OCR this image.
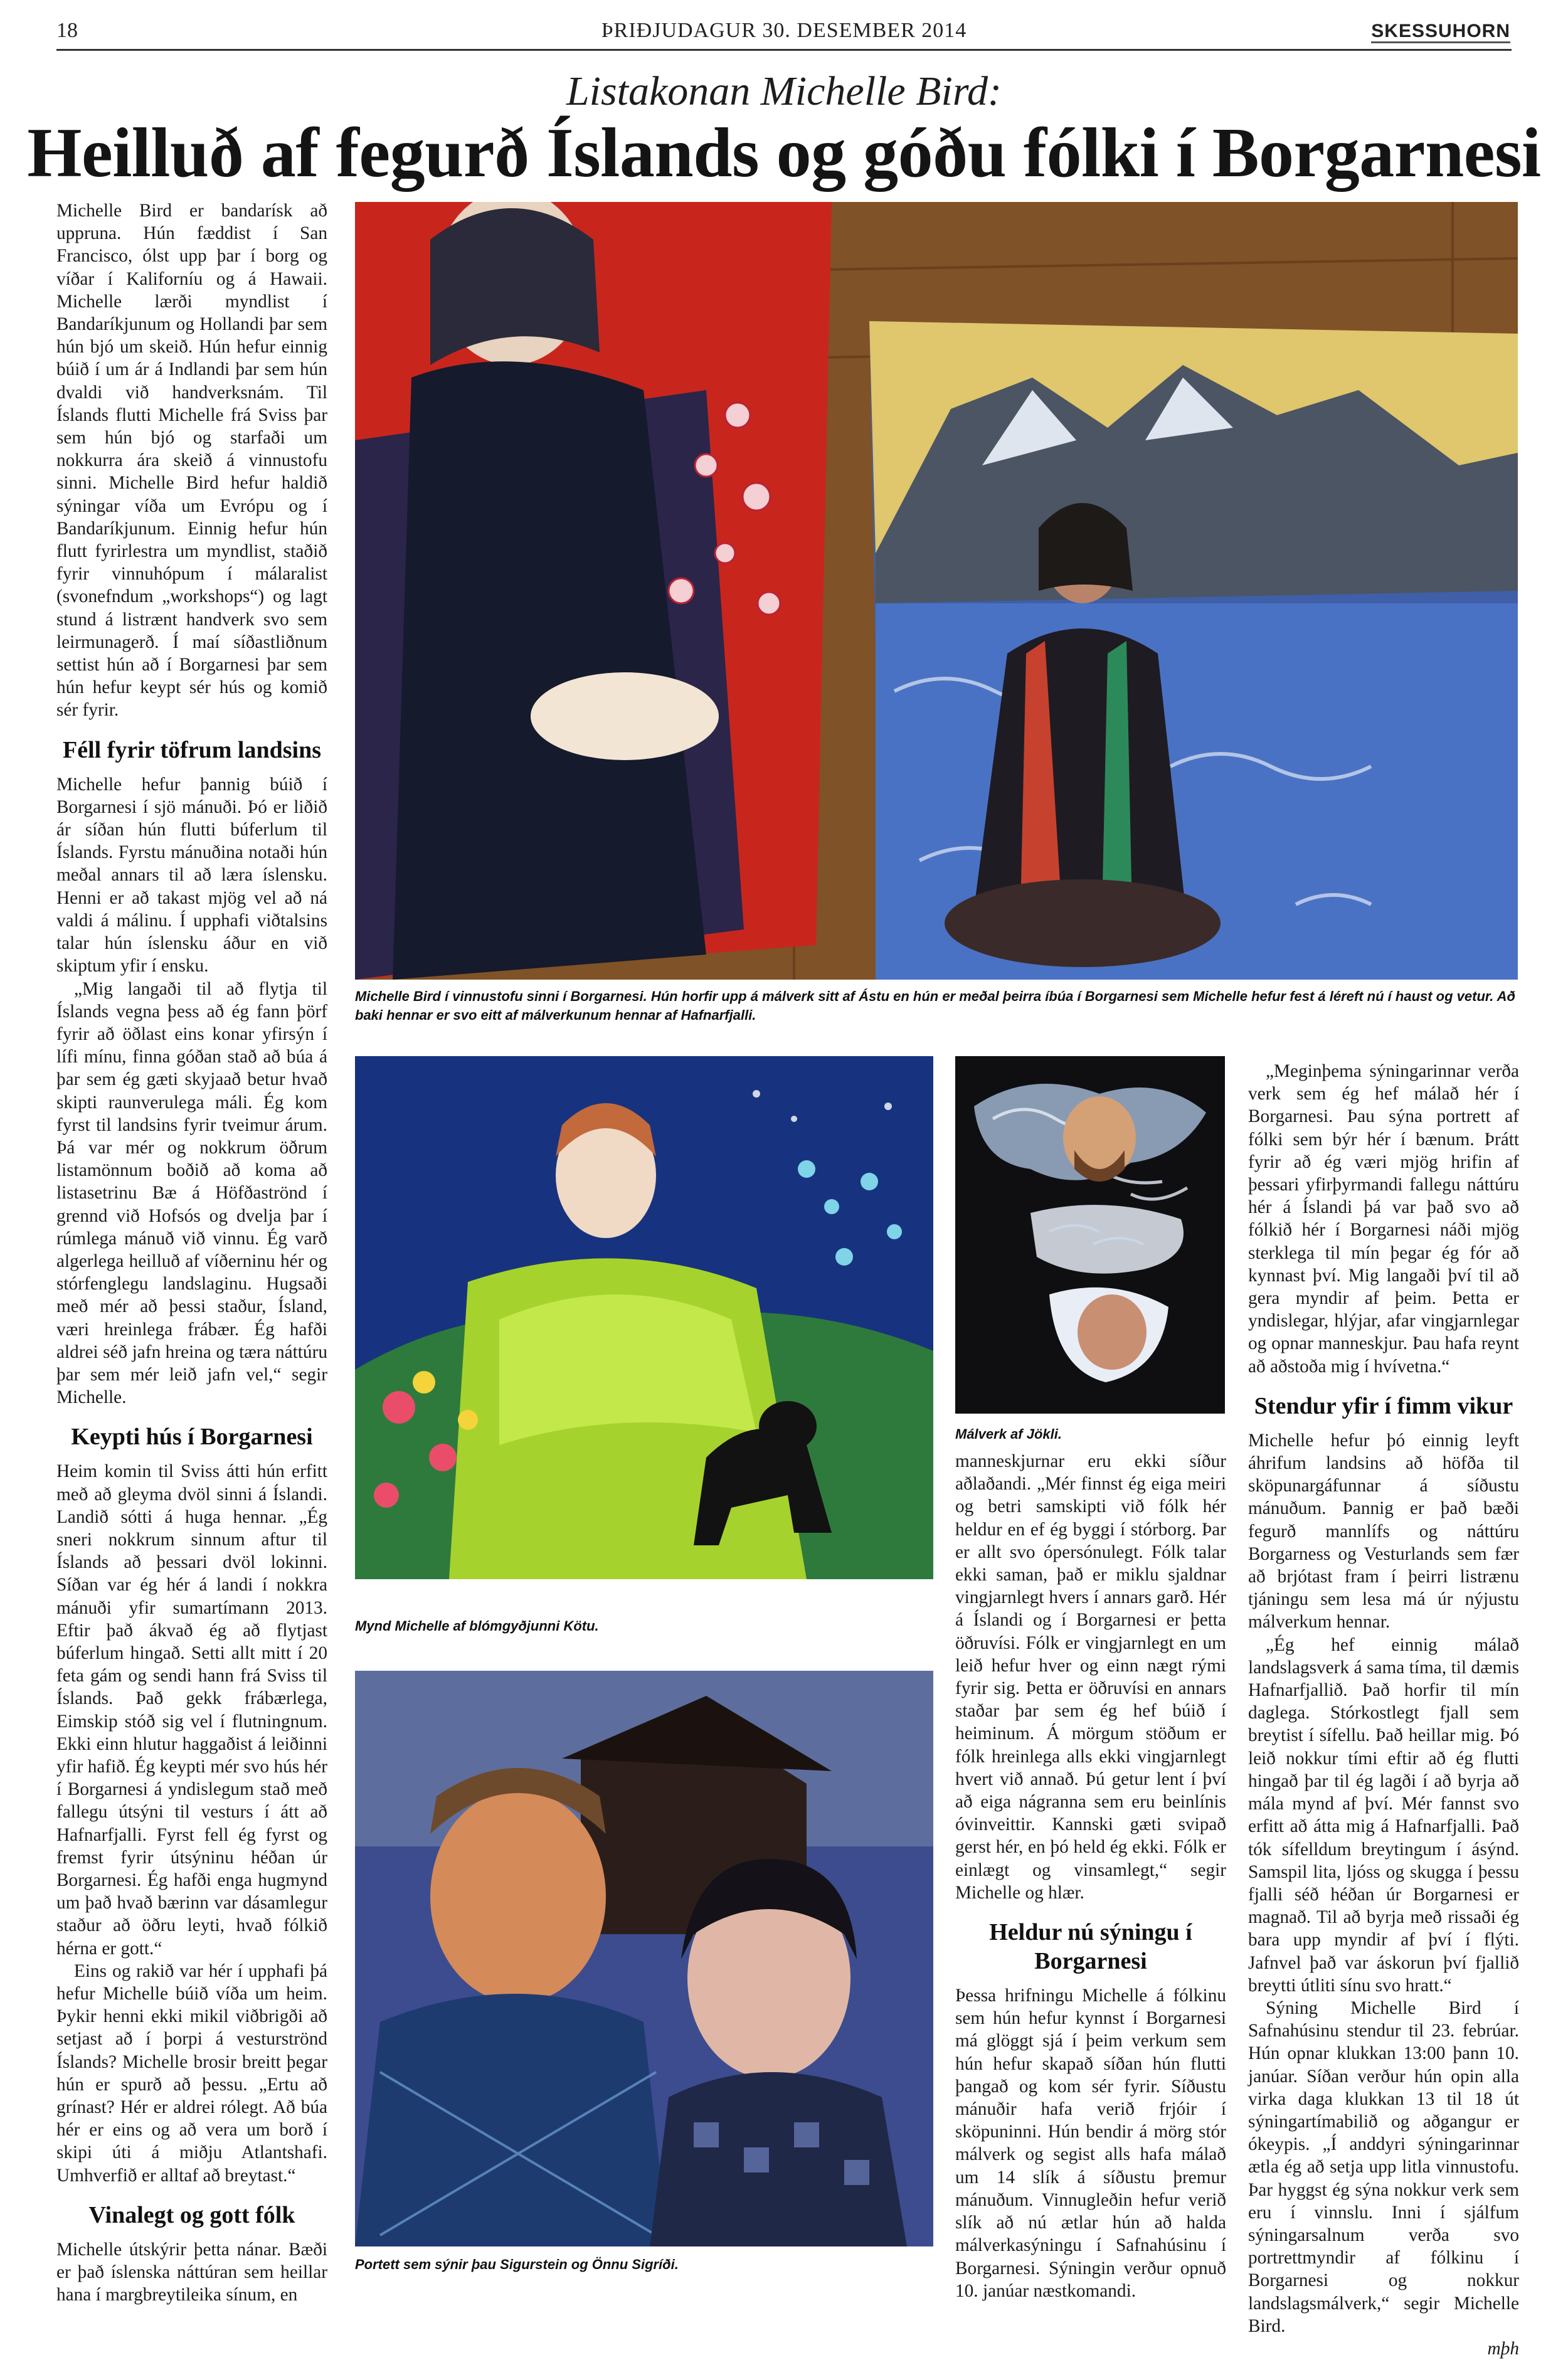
18	ÞRIÐJUDAGUR 30. DESEMBER 2014	SKESSUHORN
Listakonan Michelle Bird:
Heilluð af fegurð Íslands og góðu fólki í Borgarnesi

Michelle Bird er bandarísk að uppruna. Hún fæddist í San Francisco, ólst upp þar í borg og víðar í Kaliforníu og á Hawaii. Michelle lærði myndlist í Bandaríkjunum og Hollandi þar sem hún bjó um skeið. Hún hefur einnig búið í um ár á Indlandi þar sem hún dvaldi við handverksnám. Til Íslands flutti Michelle frá Sviss þar sem hún bjó og starfaði um nokkurra ára skeið á vinnustofu sinni. Michelle Bird hefur haldið sýningar víða um Evrópu og í Bandaríkjunum. Einnig hefur hún flutt fyrirlestra um myndlist, staðið fyrir vinnuhópum í málaralist (svonefndum „workshops“) og lagt stund á listrænt handverk svo sem leirmunagerð. Í maí síðastliðnum settist hún að í Borgarnesi þar sem hún hefur keypt sér hús og komið sér fyrir.

Féll fyrir töfrum landsins

Michelle hefur þannig búið í Borgarnesi í sjö mánuði. Þó er liðið ár síðan hún flutti búferlum til Íslands. Fyrstu mánuðina notaði hún meðal annars til að læra íslensku. Henni er að takast mjög vel að ná valdi á málinu. Í upphafi viðtalsins talar hún íslensku áður en við skiptum yfir í ensku.

„Mig langaði til að flytja til Íslands vegna þess að ég fann þörf fyrir að öðlast eins konar yfirsýn í lífi mínu, finna góðan stað að búa á þar sem ég gæti skyjaað betur hvað skipti raunverulega máli. Ég kom fyrst til landsins fyrir tveimur árum. Þá var mér og nokkrum öðrum listamönnum boðið að koma að listasetrinu Bæ á Höfðaströnd í grennd við Hofsós og dvelja þar í rúmlega mánuð við vinnu. Ég varð algerlega heilluð af víðerninu hér og stórfenglegu landslaginu. Hugsaði með mér að þessi staður, Ísland, væri hreinlega frábær. Ég hafði aldrei séð jafn hreina og tæra náttúru þar sem mér leið jafn vel,“ segir Michelle.

Keypti hús í Borgarnesi

Heim komin til Sviss átti hún erfitt með að gleyma dvöl sinni á Íslandi. Landið sótti á huga hennar. „Ég sneri nokkrum sinnum aftur til Íslands að þessari dvöl lokinni. Síðan var ég hér á landi í nokkra mánuði yfir sumartímann 2013. Eftir það ákvað ég að flytjast búferlum hingað. Setti allt mitt í 20 feta gám og sendi hann frá Sviss til Íslands. Það gekk frábærlega, Eimskip stóð sig vel í flutningnum. Ekki einn hlutur haggaðist á leiðinni yfir hafið. Ég keypti mér svo hús hér í Borgarnesi á yndislegum stað með fallegu útsýni til vesturs í átt að Hafnarfjalli. Fyrst fell ég fyrst og fremst fyrir útsýninu héðan úr Borgarnesi. Ég hafði enga hugmynd um það hvað bærinn var dásamlegur staður að öðru leyti, hvað fólkið hérna er gott.“

Eins og rakið var hér í upphafi þá hefur Michelle búið víða um heim. Þykir henni ekki mikil viðbrigði að setjast að í þorpi á vesturströnd Íslands? Michelle brosir breitt þegar hún er spurð að þessu. „Ertu að grínast? Hér er aldrei rólegt. Að búa hér er eins og að vera um borð í skipi úti á miðju Atlantshafi. Umhverfið er alltaf að breytast.“

Vinalegt og gott fólk

Michelle útskýrir þetta nánar. Bæði er það íslenska náttúran sem heillar hana í margbreytileika sínum, en

Michelle Bird í vinnustofu sinni í Borgarnesi. Hún horfir upp á málverk sitt af Ástu en hún er meðal þeirra íbúa í Borgarnesi sem Michelle hefur fest á léreft nú í haust og vetur. Að baki hennar er svo eitt af málverkunum hennar af Hafnarfjalli.
Mynd Michelle af blómgyðjunni Kötu.
Portett sem sýnir þau Sigurstein og Önnu Sigríði.
Málverk af Jökli.

manneskjurnar eru ekki síður aðlaðandi. „Mér finnst ég eiga meiri og betri samskipti við fólk hér heldur en ef ég byggi í stórborg. Þar er allt svo ópersónulegt. Fólk talar ekki saman, það er miklu sjaldnar vingjarnlegt hvers í annars garð. Hér á Íslandi og í Borgarnesi er þetta öðruvísi. Fólk er vingjarnlegt en um leið hefur hver og einn nægt rými fyrir sig. Þetta er öðruvísi en annars staðar þar sem ég hef búið í heiminum. Á mörgum stöðum er fólk hreinlega alls ekki vingjarnlegt hvert við annað. Þú getur lent í því að eiga nágranna sem eru beinlínis óvinveittir. Kannski gæti svipað gerst hér, en þó held ég ekki. Fólk er einlægt og vinsamlegt,“ segir Michelle og hlær.

Heldur nú sýningu í Borgarnesi

Þessa hrifningu Michelle á fólkinu sem hún hefur kynnst í Borgarnesi má glöggt sjá í þeim verkum sem hún hefur skapað síðan hún flutti þangað og kom sér fyrir. Síðustu mánuðir hafa verið frjóir í sköpuninni. Hún bendir á mörg stór málverk og segist alls hafa málað um 14 slík á síðustu þremur mánuðum. Vinnugleðin hefur verið slík að nú ætlar hún að halda málverkasýningu í Safnahúsinu í Borgarnesi. Sýningin verður opnuð 10. janúar næstkomandi.

„Meginþema sýningarinnar verða verk sem ég hef málað hér í Borgarnesi. Þau sýna portrett af fólki sem býr hér í bænum. Þrátt fyrir að ég væri mjög hrifin af þessari yfirþyrmandi fallegu náttúru hér á Íslandi þá var það svo að fólkið hér í Borgarnesi náði mjög sterklega til mín þegar ég fór að kynnast því. Mig langaði því til að gera myndir af þeim. Þetta er yndislegar, hlýjar, afar vingjarnlegar og opnar manneskjur. Þau hafa reynt að aðstoða mig í hvívetna.“

Stendur yfir í fimm vikur

Michelle hefur þó einnig leyft áhrifum landsins að höfða til sköpunargáfunnar á síðustu mánuðum. Þannig er það bæði fegurð mannlífs og náttúru Borgarness og Vesturlands sem fær að brjótast fram í þeirri listrænu tjáningu sem lesa má úr nýjustu málverkum hennar.

„Ég hef einnig málað landslagsverk á sama tíma, til dæmis Hafnarfjallið. Það horfir til mín daglega. Stórkostlegt fjall sem breytist í sífellu. Það heillar mig. Þó leið nokkur tími eftir að ég flutti hingað þar til ég lagði í að byrja að mála mynd af því. Mér fannst svo erfitt að átta mig á Hafnarfjalli. Það tók sífelldum breytingum í ásýnd. Samspil lita, ljóss og skugga í þessu fjalli séð héðan úr Borgarnesi er magnað. Til að byrja með rissaði ég bara upp myndir af því í flýti. Jafnvel það var áskorun því fjallið breytti útliti sínu svo hratt.“

Sýning Michelle Bird í Safnahúsinu stendur til 23. febrúar. Hún opnar klukkan 13:00 þann 10. janúar. Síðan verður hún opin alla virka daga klukkan 13 til 18 út sýningartímabilið og aðgangur er ókeypis. „Í anddyri sýningarinnar ætla ég að setja upp litla vinnustofu. Þar hyggst ég sýna nokkur verk sem eru í vinnslu. Inni í sjálfum sýningarsalnum verða svo portrettmyndir af fólkinu í Borgarnesi og nokkur landslagsmálverk,“ segir Michelle Bird.

mþh
